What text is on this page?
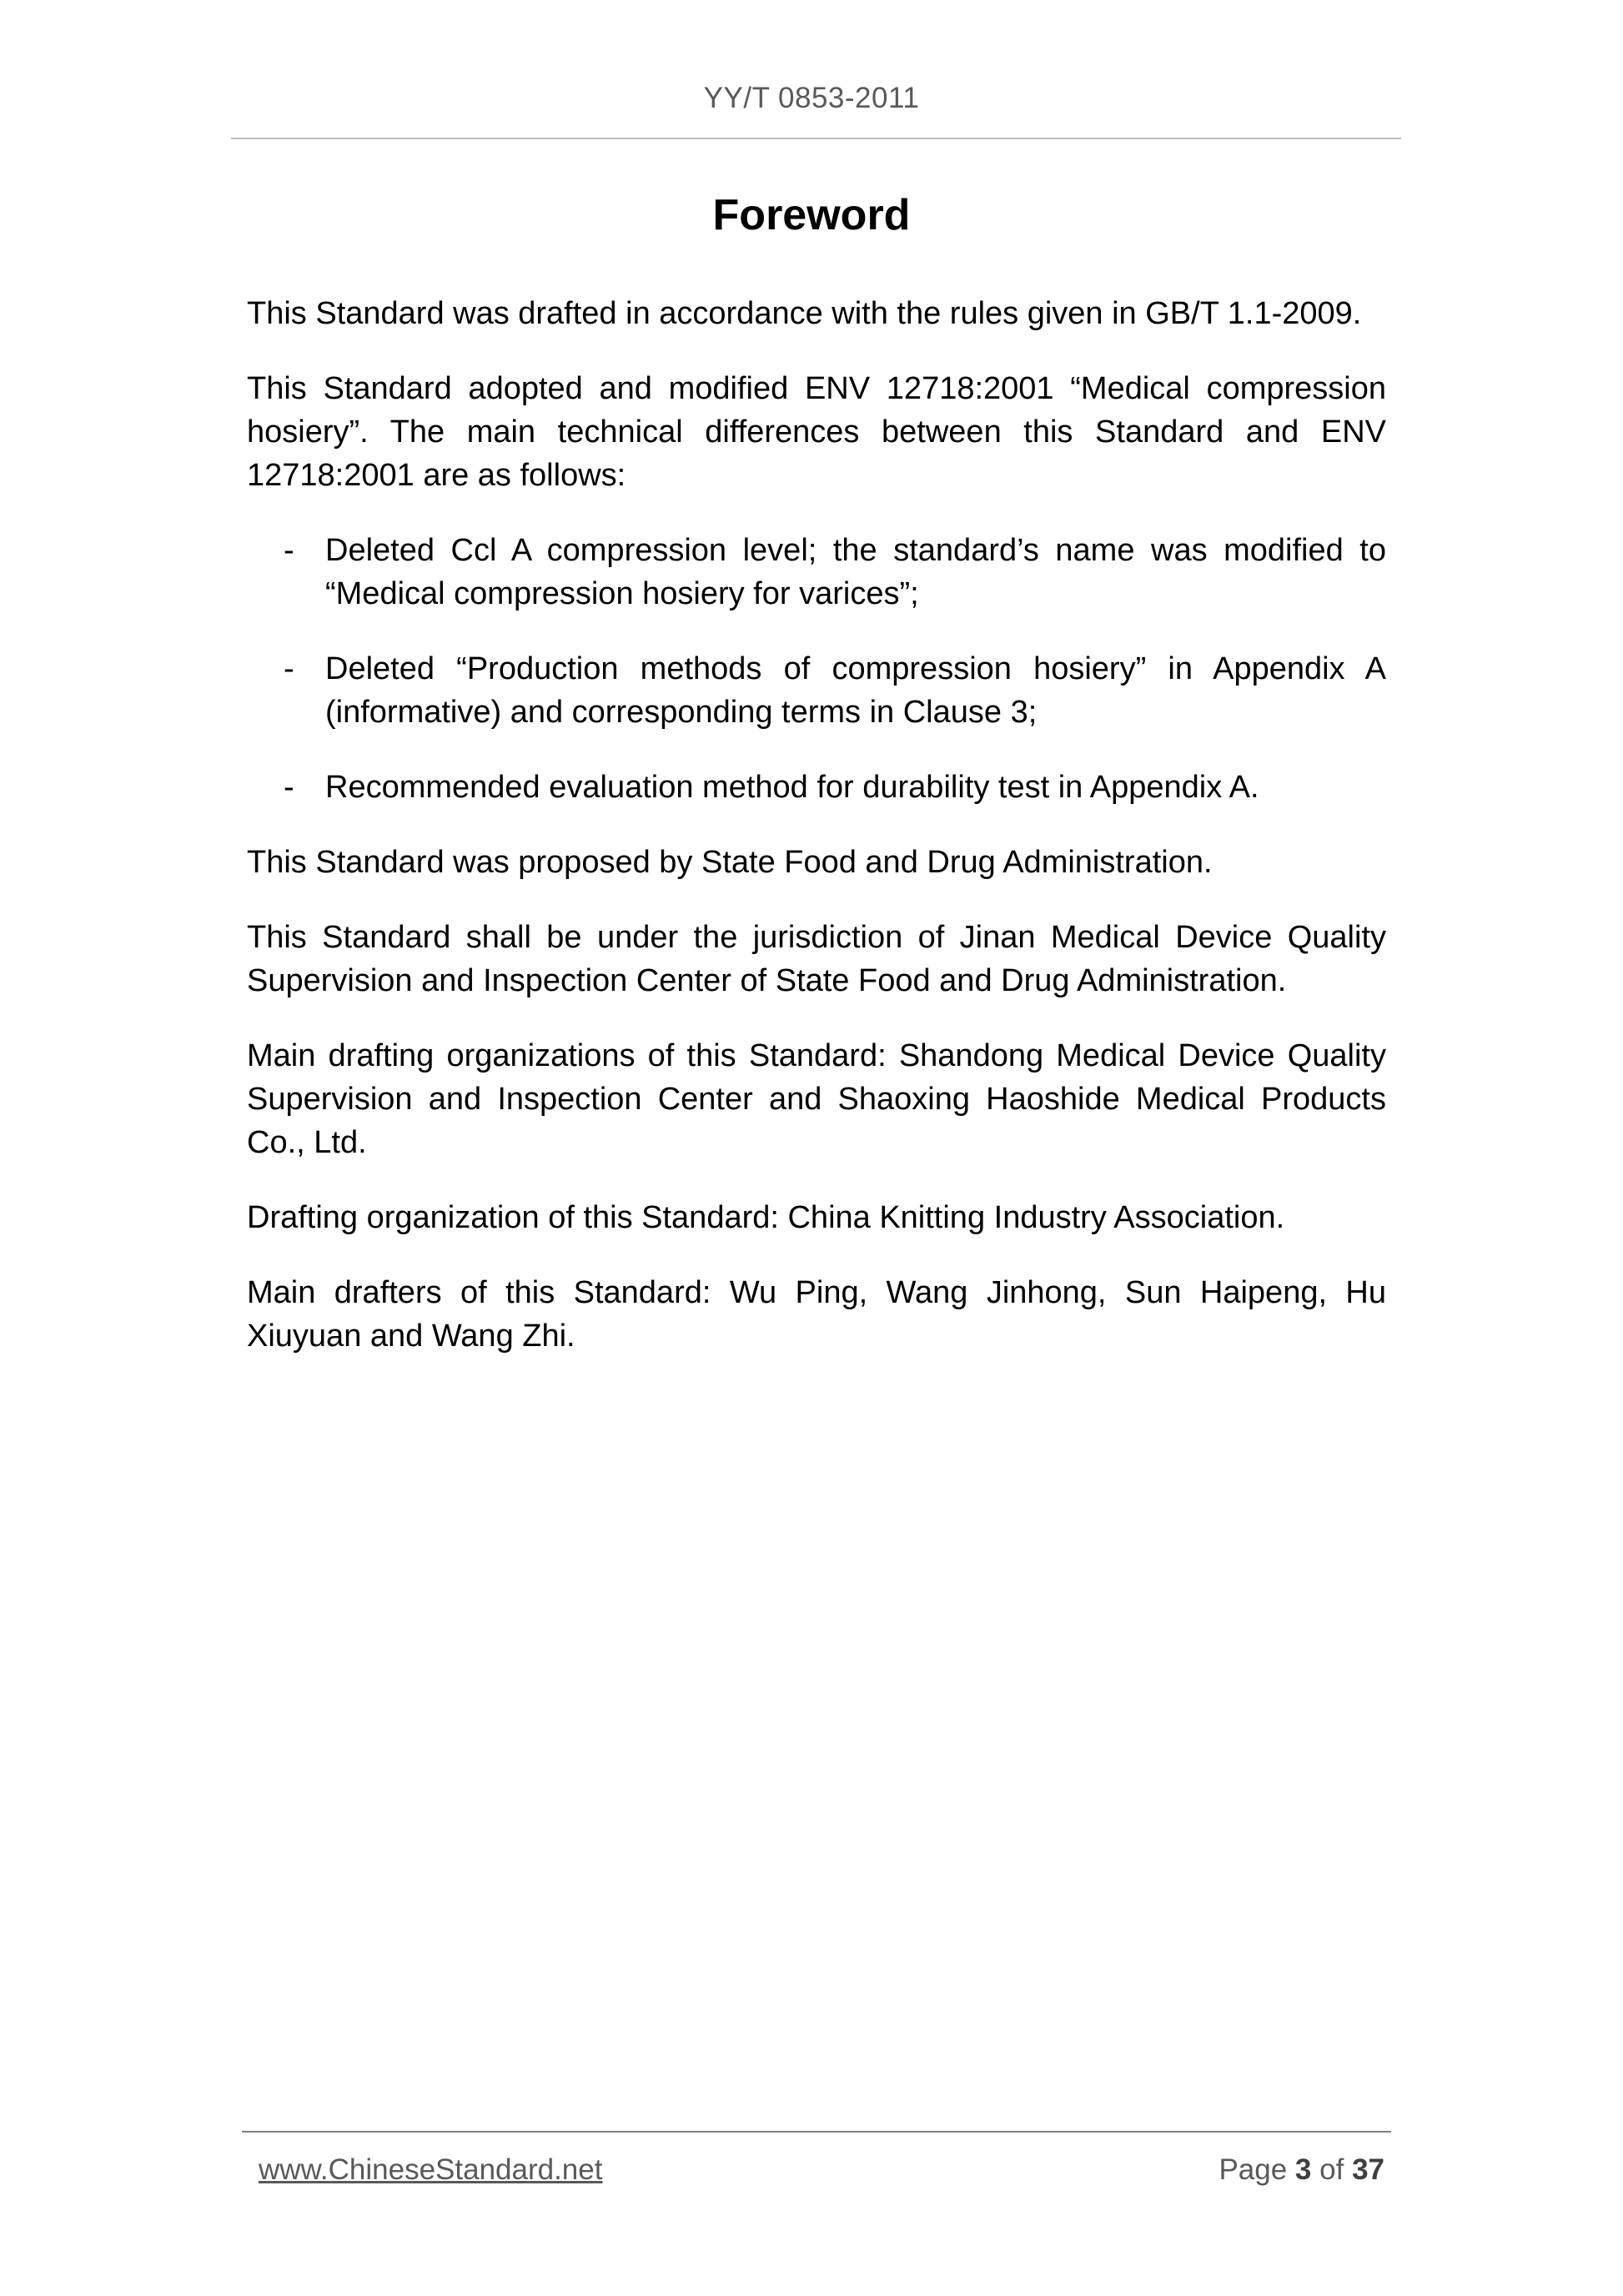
YY/T 0853-2011
Foreword

This Standard was drafted in accordance with the rules given in GB/T 1.1-2009.

This Standard adopted and modified ENV 12718:2001 “Medical compression hosiery”. The main technical differences between this Standard and ENV 12718:2001 are as follows:

- Deleted Ccl A compression level; the standard’s name was modified to “Medical compression hosiery for varices”;
- Deleted “Production methods of compression hosiery” in Appendix A (informative) and corresponding terms in Clause 3;
- Recommended evaluation method for durability test in Appendix A.

This Standard was proposed by State Food and Drug Administration.

This Standard shall be under the jurisdiction of Jinan Medical Device Quality Supervision and Inspection Center of State Food and Drug Administration.

Main drafting organizations of this Standard: Shandong Medical Device Quality Supervision and Inspection Center and Shaoxing Haoshide Medical Products Co., Ltd.

Drafting organization of this Standard: China Knitting Industry Association.

Main drafters of this Standard: Wu Ping, Wang Jinhong, Sun Haipeng, Hu Xiuyuan and Wang Zhi.

www.ChineseStandard.net	Page 3 of 37
